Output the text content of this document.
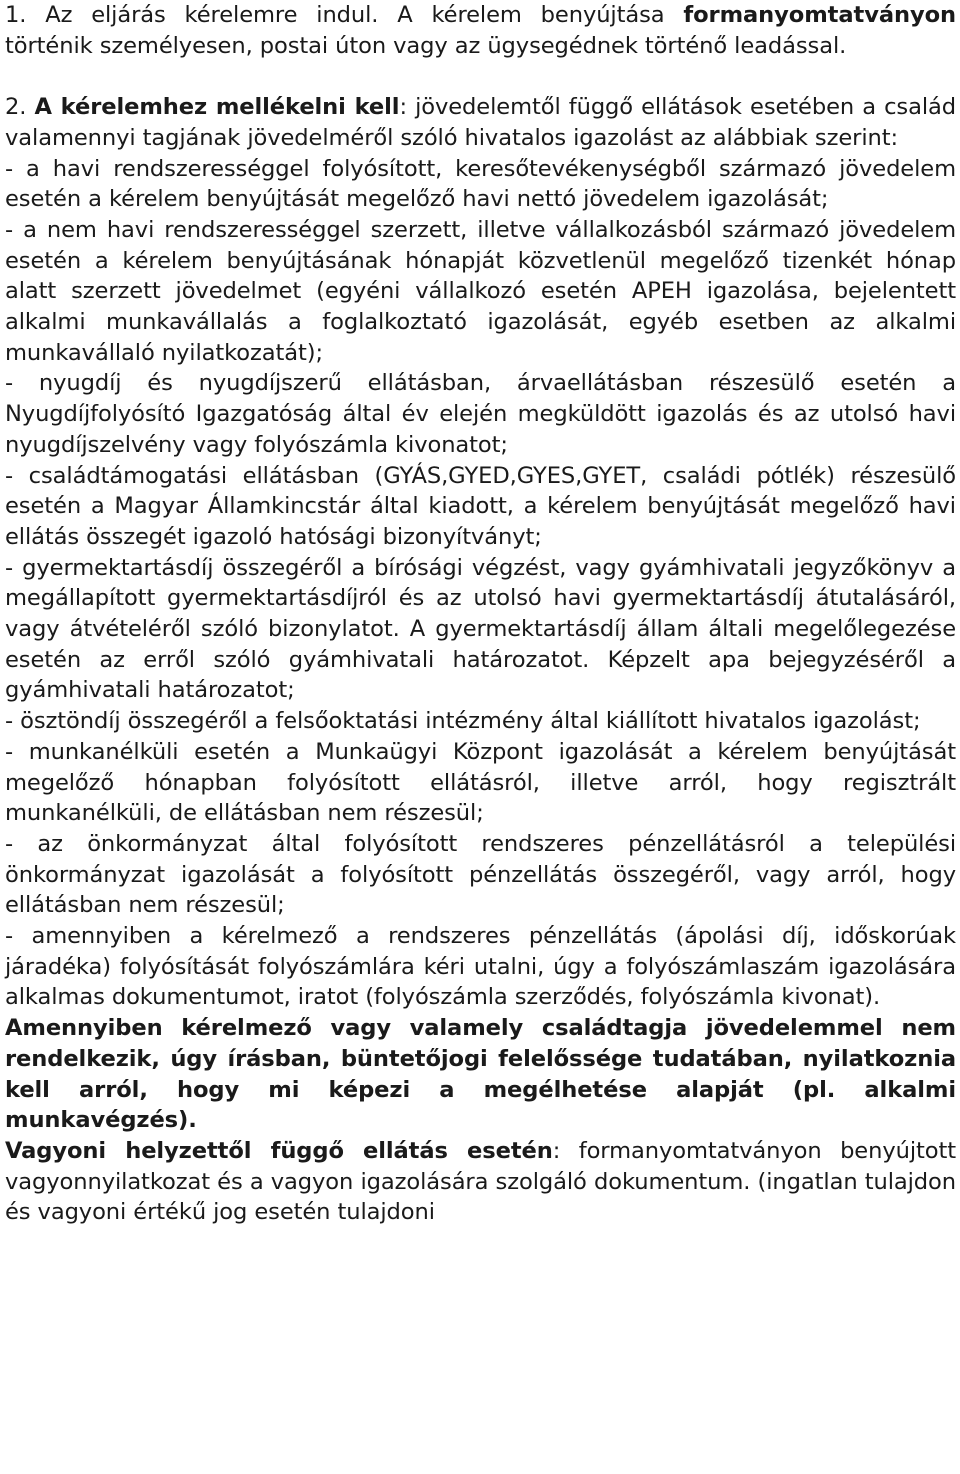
1. Az eljárás kérelemre indul. A kérelem benyújtása formanyomtatványon történik személyesen, postai úton vagy az ügysegédnek történő leadással.

2. A kérelemhez mellékelni kell: jövedelemtől függő ellátások esetében a család valamennyi tagjának jövedelméről szóló hivatalos igazolást az alábbiak szerint:

- a havi rendszerességgel folyósított, keresőtevékenységből származó jövedelem esetén a kérelem benyújtását megelőző havi nettó jövedelem igazolását;

- a nem havi rendszerességgel szerzett, illetve vállalkozásból származó jövedelem esetén a kérelem benyújtásának hónapját közvetlenül megelőző tizenkét hónap alatt szerzett jövedelmet (egyéni vállalkozó esetén APEH igazolása, bejelentett alkalmi munkavállalás a foglalkoztató igazolását, egyéb esetben az alkalmi munkavállaló nyilatkozatát);

- nyugdíj és nyugdíjszerű ellátásban, árvaellátásban részesülő esetén a Nyugdíjfolyósító Igazgatóság által év elején megküldött igazolás és az utolsó havi nyugdíjszelvény vagy folyószámla kivonatot;

- családtámogatási ellátásban (GYÁS,GYED,GYES,GYET, családi pótlék) részesülő esetén a Magyar Államkincstár által kiadott, a kérelem benyújtását megelőző havi ellátás összegét igazoló hatósági bizonyítványt;

- gyermektartásdíj összegéről a bírósági végzést, vagy gyámhivatali jegyzőkönyv a megállapított gyermektartásdíjról és az utolsó havi gyermektartásdíj átutalásáról, vagy átvételéről szóló bizonylatot. A gyermektartásdíj állam általi megelőlegezése esetén az erről szóló gyámhivatali határozatot. Képzelt apa bejegyzéséről a gyámhivatali határozatot;

- ösztöndíj összegéről a felsőoktatási intézmény által kiállított hivatalos igazolást;

- munkanélküli esetén a Munkaügyi Központ igazolását a kérelem benyújtását megelőző hónapban folyósított ellátásról, illetve arról, hogy regisztrált munkanélküli, de ellátásban nem részesül;

- az önkormányzat által folyósított rendszeres pénzellátásról a települési önkormányzat igazolását a folyósított pénzellátás összegéről, vagy arról, hogy ellátásban nem részesül;

- amennyiben a kérelmező a rendszeres pénzellátás (ápolási díj, időskorúak járadéka) folyósítását folyószámlára kéri utalni, úgy a folyószámlaszám igazolására alkalmas dokumentumot, iratot (folyószámla szerződés, folyószámla kivonat).

Amennyiben kérelmező vagy valamely családtagja jövedelemmel nem rendelkezik, úgy írásban, büntetőjogi felelőssége tudatában, nyilatkoznia kell arról, hogy mi képezi a megélhetése alapját (pl. alkalmi munkavégzés).

Vagyoni helyzettől függő ellátás esetén: formanyomtatványon benyújtott vagyonnyilatkozat és a vagyon igazolására szolgáló dokumentum. (ingatlan tulajdon és vagyoni értékű jog esetén tulajdoni
